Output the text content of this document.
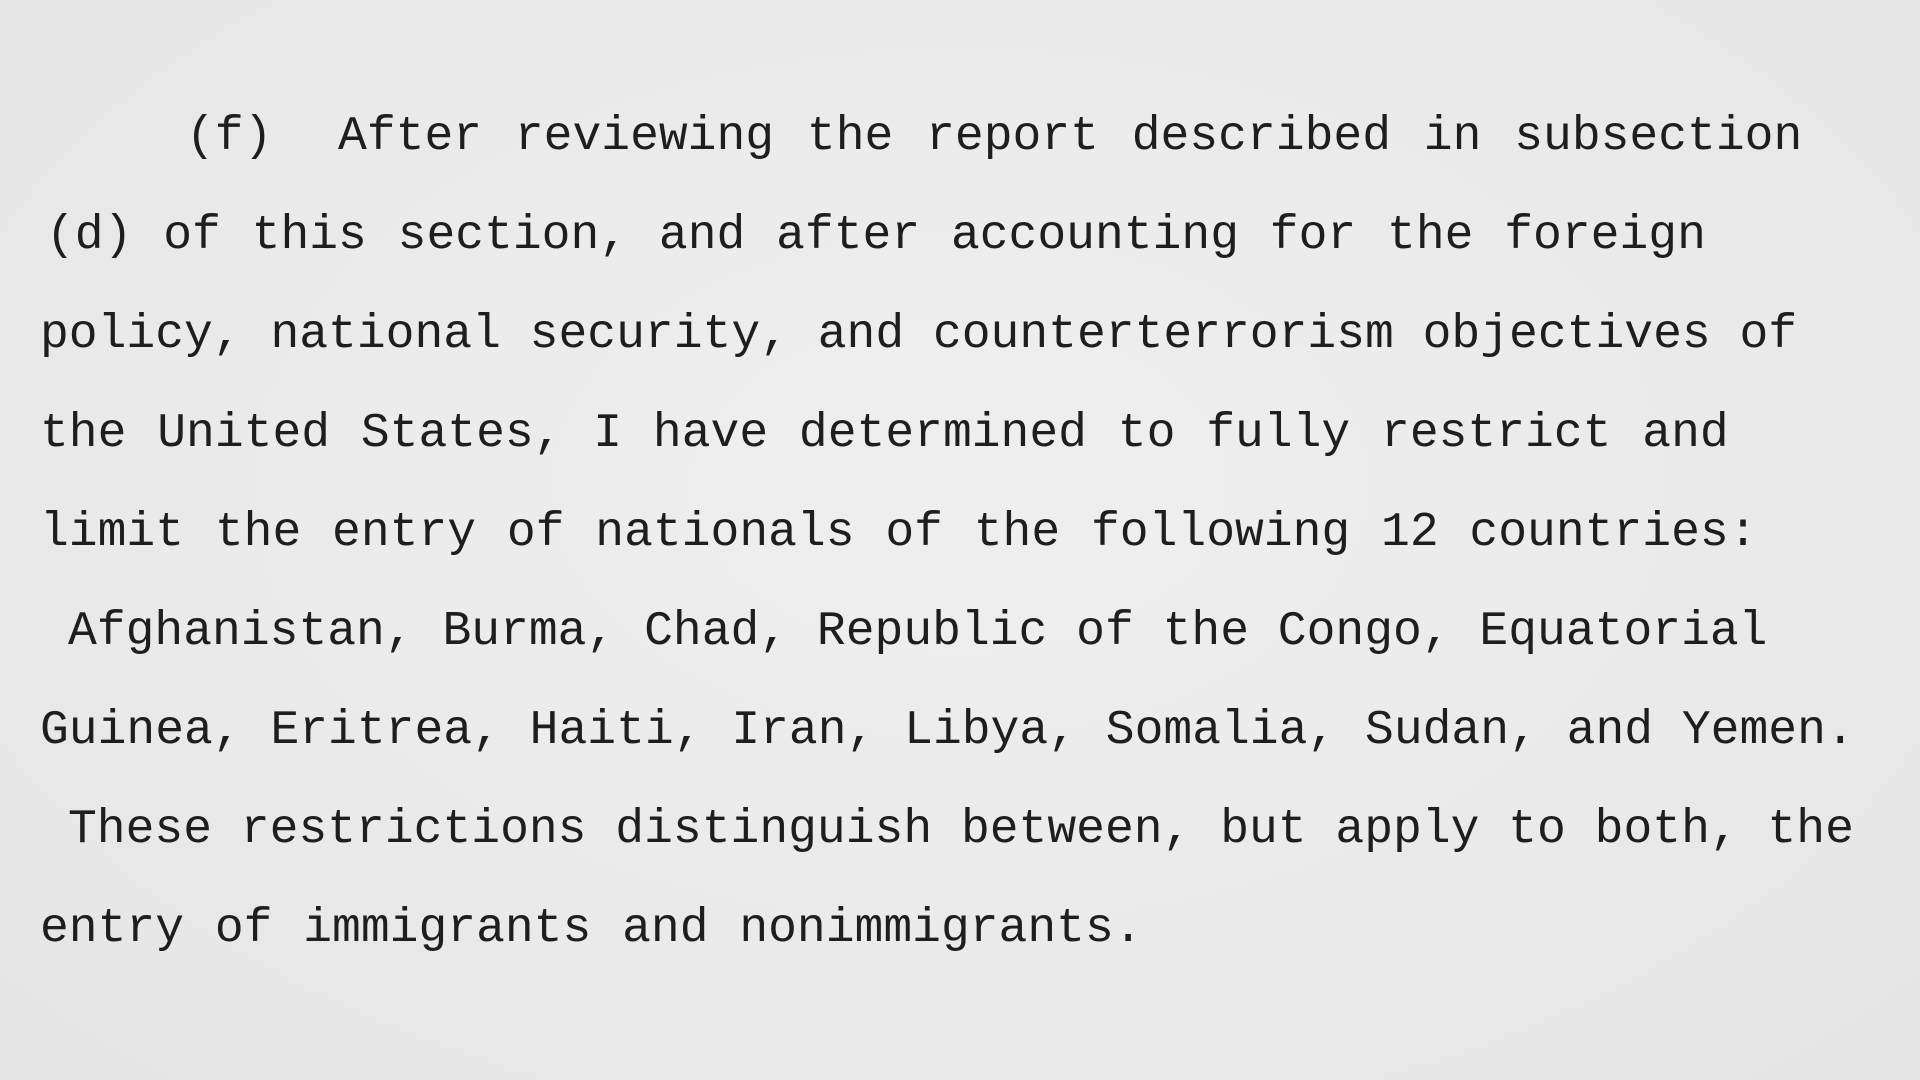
(f)  After reviewing the report described in subsection
(d) of this section, and after accounting for the foreign
policy, national security, and counterterrorism objectives of
the United States, I have determined to fully restrict and
limit the entry of nationals of the following 12 countries:
Afghanistan, Burma, Chad, Republic of the Congo, Equatorial
Guinea, Eritrea, Haiti, Iran, Libya, Somalia, Sudan, and Yemen.
These restrictions distinguish between, but apply to both, the
entry of immigrants and nonimmigrants.
